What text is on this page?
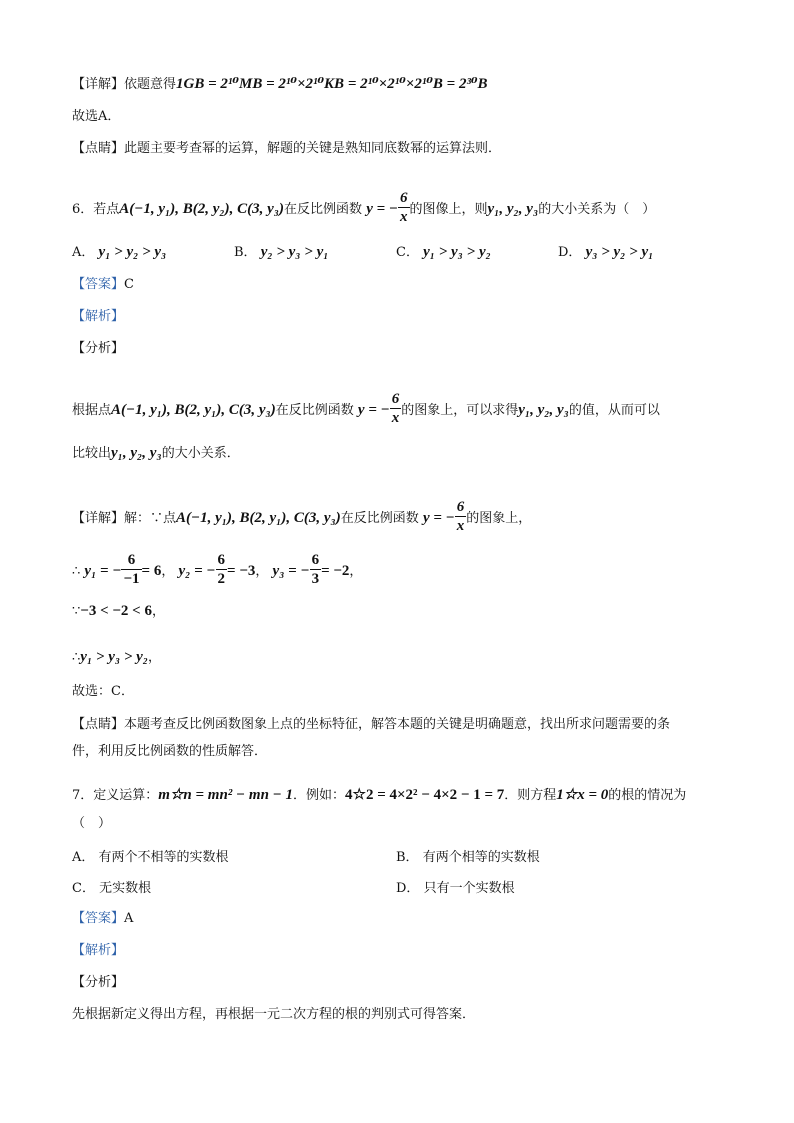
【详解】依题意得1GB = 2¹⁰MB = 2¹⁰×2¹⁰KB = 2¹⁰×2¹⁰×2¹⁰B = 2³⁰B
故选A．
【点睛】此题主要考查幂的运算，解题的关键是熟知同底数幂的运算法则．
6．若点A(−1, y₁), B(2, y₂), C(3, y₃)在反比例函数 y = − $\frac{6}{x}$ 的图像上，则y₁, y₂, y₃的大小关系为（　）
A． y₁ > y₂ > y₃	B． y₂ > y₃ > y₁	C． y₁ > y₃ > y₂	D． y₃ > y₂ > y₁
【答案】C
【解析】
【分析】
根据点A(−1, y₁), B(2, y₁), C(3, y₃)在反比例函数 y = − $\frac{6}{x}$ 的图象上，可以求得y₁, y₂, y₃的值，从而可以
比较出y₁, y₂, y₃的大小关系．
【详解】解：∵点A(−1, y₁), B(2, y₁), C(3, y₃)在反比例函数 y = − $\frac{6}{x}$ 的图象上，
∴ y₁ = − $\frac{6}{-1} = 6$， y₂ = − $\frac{6}{2} = -3$， y₃ = − $\frac{6}{3} = -2$，
∵−3 < −2 < 6，
∴y₁ > y₃ > y₂，
故选：C．
【点睛】本题考查反比例函数图象上点的坐标特征，解答本题的关键是明确题意，找出所求问题需要的条
件，利用反比例函数的性质解答．
7．定义运算：m☆n = mn² − mn − 1．例如：4☆2 = 4×2² − 4×2 − 1 = 7．则方程1☆x = 0的根的情况为
（　）
A． 有两个不相等的实数根	B． 有两个相等的实数根
C． 无实数根	D． 只有一个实数根
【答案】A
【解析】
【分析】
先根据新定义得出方程，再根据一元二次方程的根的判别式可得答案．
